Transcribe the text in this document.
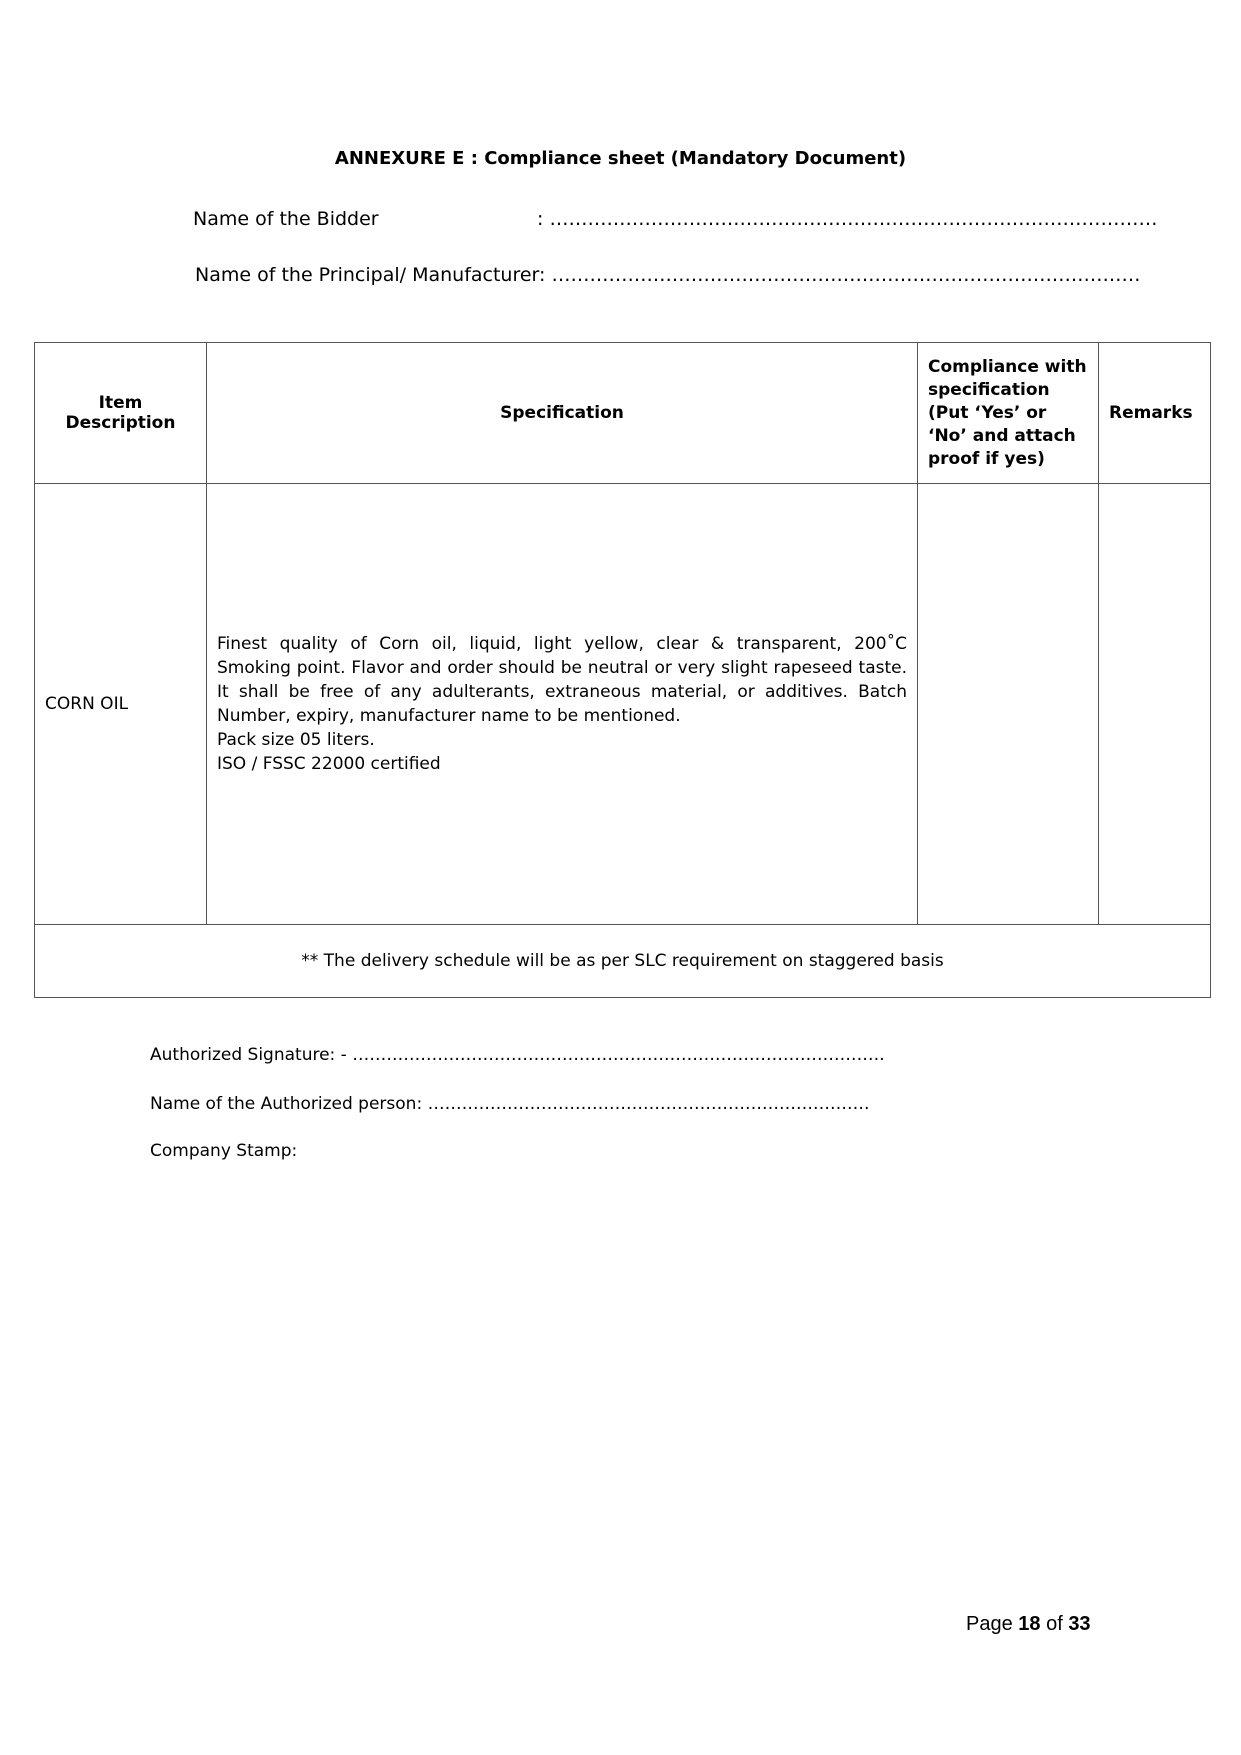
ANNEXURE E : Compliance sheet (Mandatory Document)
Name of the Bidder	: ……………………………………………………………………………………
Name of the Principal/ Manufacturer: …………………………………………………………………………………
Item Description	Specification	Compliance with specification (Put ‘Yes’ or ‘No’ and attach proof if yes)	Remarks
CORN OIL	Finest quality of Corn oil, liquid, light yellow, clear & transparent, 200˚C Smoking point. Flavor and order should be neutral or very slight rapeseed taste. It shall be free of any adulterants, extraneous material, or additives. Batch Number, expiry, manufacturer name to be mentioned.

Pack size 05 liters.

ISO / FSSC 22000 certified		

** The delivery schedule will be as per SLC requirement on staggered basis			
Authorized Signature: - ………………………………………………………………………………….
Name of the Authorized person: ……………………………………………………………………
Company Stamp:
Page 18 of 33
